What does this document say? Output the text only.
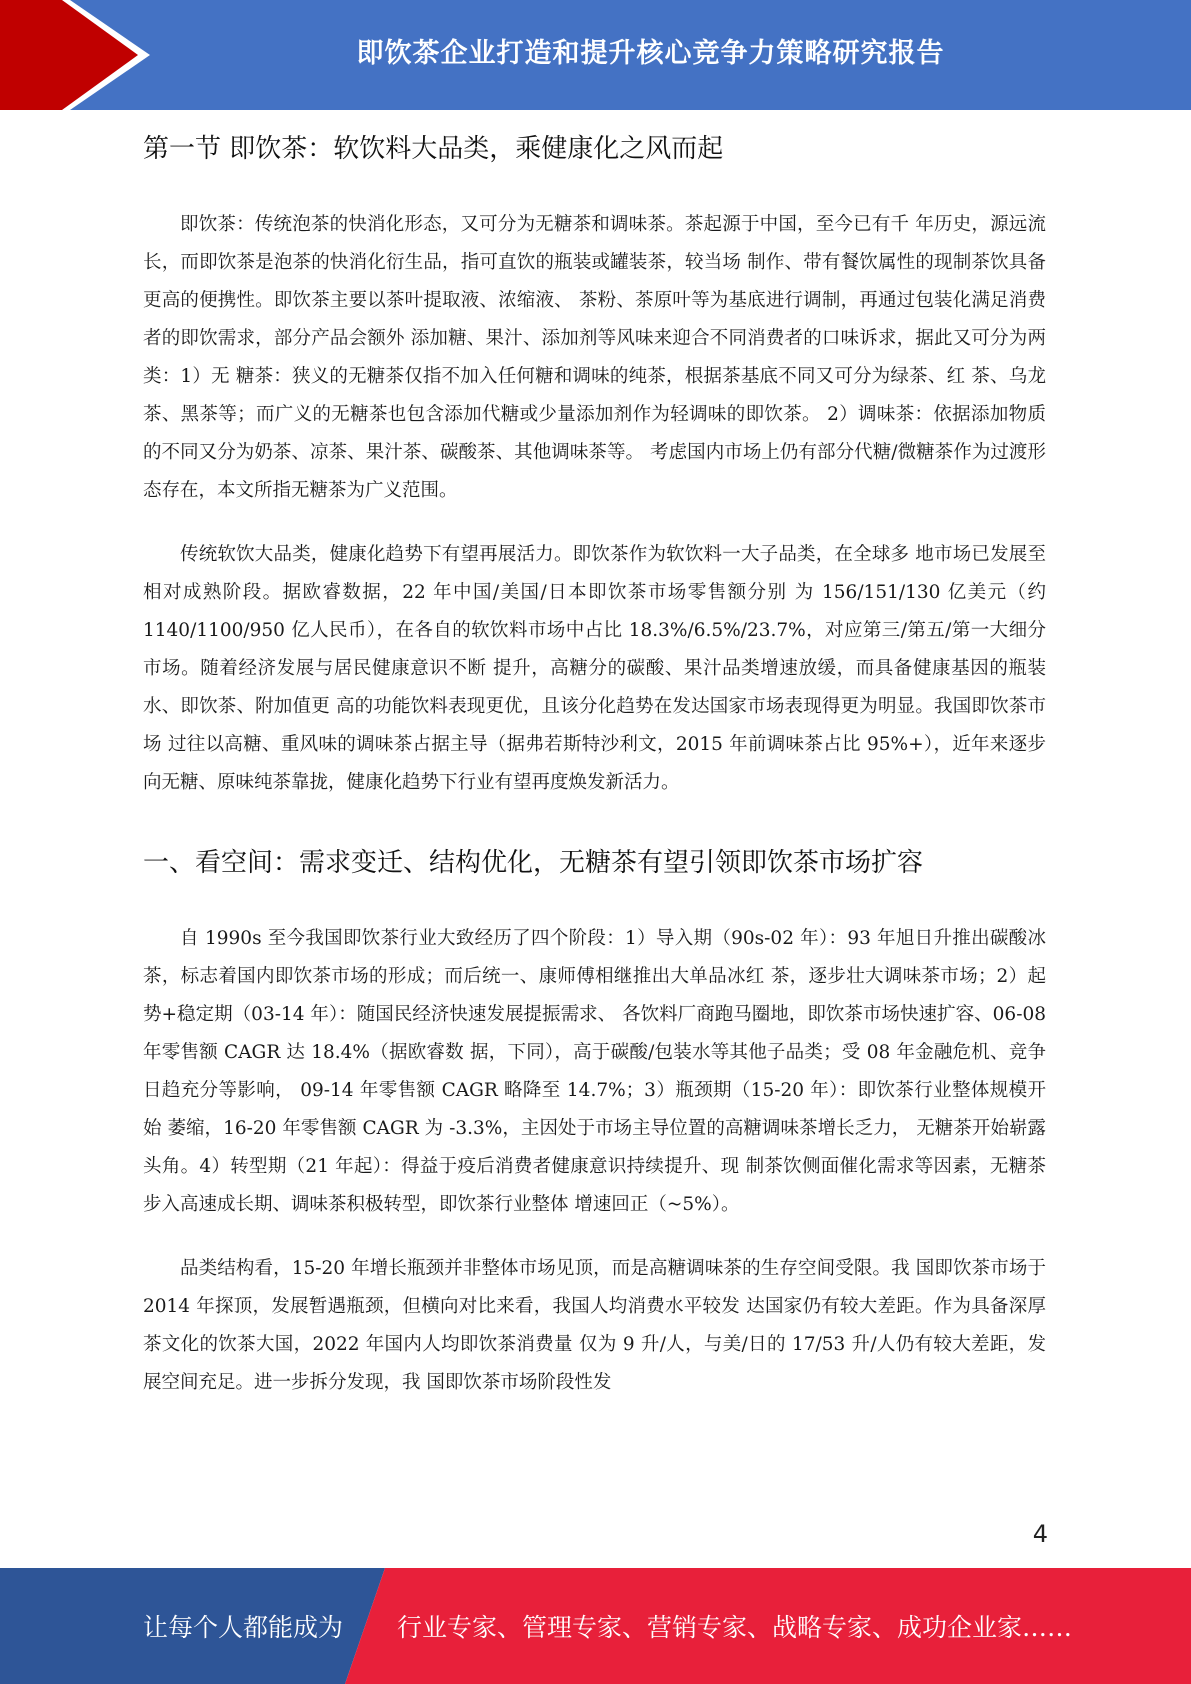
即饮茶企业打造和提升核心竞争力策略研究报告
第一节 即饮茶：软饮料大品类，乘健康化之风而起

即饮茶：传统泡茶的快消化形态，又可分为无糖茶和调味茶。茶起源于中国，至今已有千 年历史，源远流长，而即饮茶是泡茶的快消化衍生品，指可直饮的瓶装或罐装茶，较当场 制作、带有餐饮属性的现制茶饮具备更高的便携性。即饮茶主要以茶叶提取液、浓缩液、 茶粉、茶原叶等为基底进行调制，再通过包装化满足消费者的即饮需求，部分产品会额外 添加糖、果汁、添加剂等风味来迎合不同消费者的口味诉求，据此又可分为两类：1）无 糖茶：狭义的无糖茶仅指不加入任何糖和调味的纯茶，根据茶基底不同又可分为绿茶、红 茶、乌龙茶、黑茶等；而广义的无糖茶也包含添加代糖或少量添加剂作为轻调味的即饮茶。 2）调味茶：依据添加物质的不同又分为奶茶、凉茶、果汁茶、碳酸茶、其他调味茶等。 考虑国内市场上仍有部分代糖/微糖茶作为过渡形态存在，本文所指无糖茶为广义范围。

传统软饮大品类，健康化趋势下有望再展活力。即饮茶作为软饮料一大子品类，在全球多 地市场已发展至相对成熟阶段。据欧睿数据，22 年中国/美国/日本即饮茶市场零售额分别 为 156/151/130 亿美元（约 1140/1100/950 亿人民币），在各自的软饮料市场中占比 18.3%/6.5%/23.7%，对应第三/第五/第一大细分市场。随着经济发展与居民健康意识不断 提升，高糖分的碳酸、果汁品类增速放缓，而具备健康基因的瓶装水、即饮茶、附加值更 高的功能饮料表现更优，且该分化趋势在发达国家市场表现得更为明显。我国即饮茶市场 过往以高糖、重风味的调味茶占据主导（据弗若斯特沙利文，2015 年前调味茶占比 95%+），近年来逐步向无糖、原味纯茶靠拢，健康化趋势下行业有望再度焕发新活力。

一、看空间：需求变迁、结构优化，无糖茶有望引领即饮茶市场扩容

自 1990s 至今我国即饮茶行业大致经历了四个阶段：1）导入期（90s-02 年）：93 年旭日升推出碳酸冰茶，标志着国内即饮茶市场的形成；而后统一、康师傅相继推出大单品冰红 茶，逐步壮大调味茶市场；2）起势+稳定期（03-14 年）：随国民经济快速发展提振需求、 各饮料厂商跑马圈地，即饮茶市场快速扩容、06-08 年零售额 CAGR 达 18.4%（据欧睿数 据，下同），高于碳酸/包装水等其他子品类；受 08 年金融危机、竞争日趋充分等影响， 09-14 年零售额 CAGR 略降至 14.7%；3）瓶颈期（15-20 年）：即饮茶行业整体规模开始 萎缩，16-20 年零售额 CAGR 为 -3.3%，主因处于市场主导位置的高糖调味茶增长乏力， 无糖茶开始崭露头角。4）转型期（21 年起）：得益于疫后消费者健康意识持续提升、现 制茶饮侧面催化需求等因素，无糖茶步入高速成长期、调味茶积极转型，即饮茶行业整体 增速回正（~5%）。

品类结构看，15-20 年增长瓶颈并非整体市场见顶，而是高糖调味茶的生存空间受限。我 国即饮茶市场于 2014 年探顶，发展暂遇瓶颈，但横向对比来看，我国人均消费水平较发 达国家仍有较大差距。作为具备深厚茶文化的饮茶大国，2022 年国内人均即饮茶消费量 仅为 9 升/人，与美/日的 17/53 升/人仍有较大差距，发展空间充足。进一步拆分发现，我 国即饮茶市场阶段性发

4
让每个人都能成为 行业专家、管理专家、营销专家、战略专家、成功企业家……
